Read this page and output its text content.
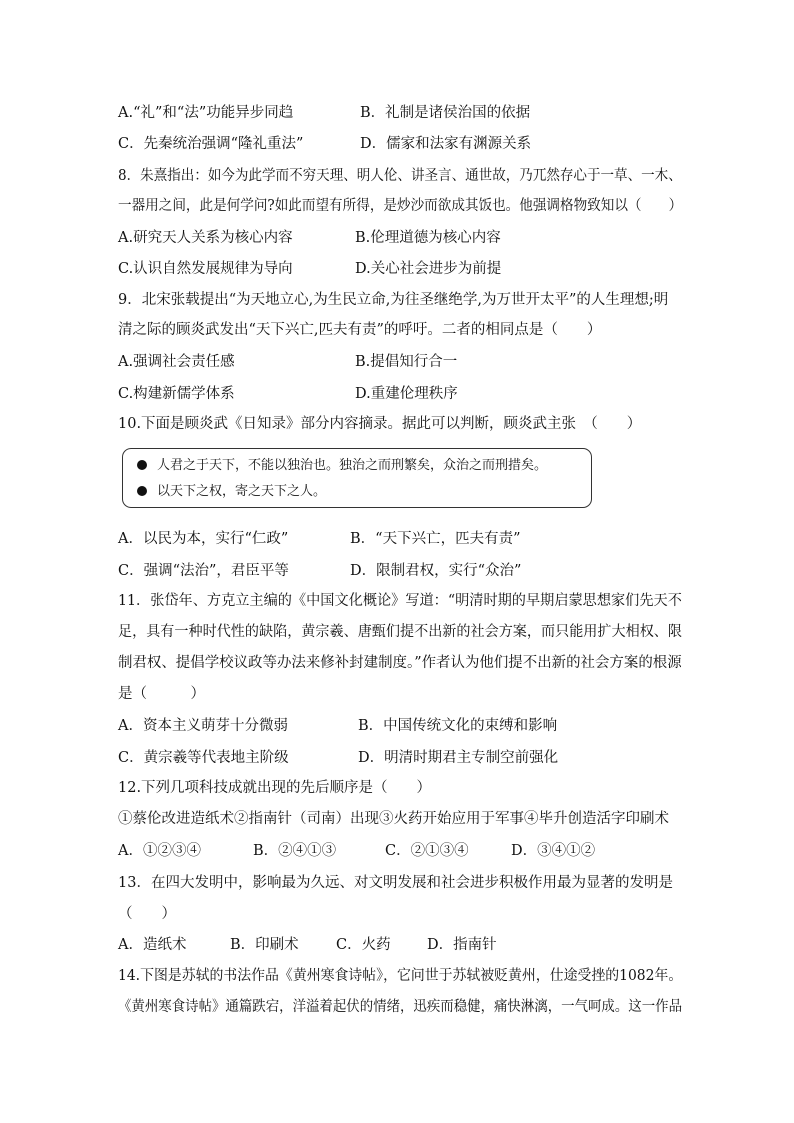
A.“礼”和“法”功能异步同趋	B．礼制是诸侯治国的依据
C．先秦统治强调“隆礼重法”	D．儒家和法家有渊源关系
8．朱熹指出：如今为此学而不穷天理、明人伦、讲圣言、通世故，乃兀然存心于一草、一木、
一器用之间，此是何学问?如此而望有所得，是炒沙而欲成其饭也。他强调格物致知以（　　）
A.研究天人关系为核心内容	B.伦理道德为核心内容
C.认识自然发展规律为导向	D.关心社会进步为前提
9．北宋张载提出“为天地立心,为生民立命,为往圣继绝学,为万世开太平”的人生理想;明
清之际的顾炎武发出“天下兴亡,匹夫有责”的呼吁。二者的相同点是（　　）
A.强调社会责任感	B.提倡知行合一
C.构建新儒学体系	D.重建伦理秩序
10.下面是顾炎武《日知录》部分内容摘录。据此可以判断，顾炎武主张　（　　）
人君之于天下，不能以独治也。独治之而刑繁矣，众治之而刑措矣。
以天下之权，寄之天下之人。
A．以民为本，实行“仁政”	B．“天下兴亡，匹夫有责”
C．强调“法治”，君臣平等	D．限制君权，实行“众治”
11．张岱年、方克立主编的《中国文化概论》写道：“明清时期的早期启蒙思想家们先天不
足，具有一种时代性的缺陷，黄宗羲、唐甄们提不出新的社会方案，而只能用扩大相权、限
制君权、提倡学校议政等办法来修补封建制度。”作者认为他们提不出新的社会方案的根源
是（　　　）
A．资本主义萌芽十分微弱	B．中国传统文化的束缚和影响
C．黄宗羲等代表地主阶级	D．明清时期君主专制空前强化
12.下列几项科技成就出现的先后顺序是（　　）
①蔡伦改进造纸术②指南针（司南）出现③火药开始应用于军事④毕升创造活字印刷术
A．①②③④	B．②④①③	C．②①③④	D．③④①②
13．在四大发明中，影响最为久远、对文明发展和社会进步积极作用最为显著的发明是
（　　）
A．造纸术	B．印刷术	C．火药	D．指南针
14.下图是苏轼的书法作品《黄州寒食诗帖》，它问世于苏轼被贬黄州，仕途受挫的1082年。
《黄州寒食诗帖》通篇跌宕，洋溢着起伏的情绪，迅疾而稳健，痛快淋漓，一气呵成。这一作品
